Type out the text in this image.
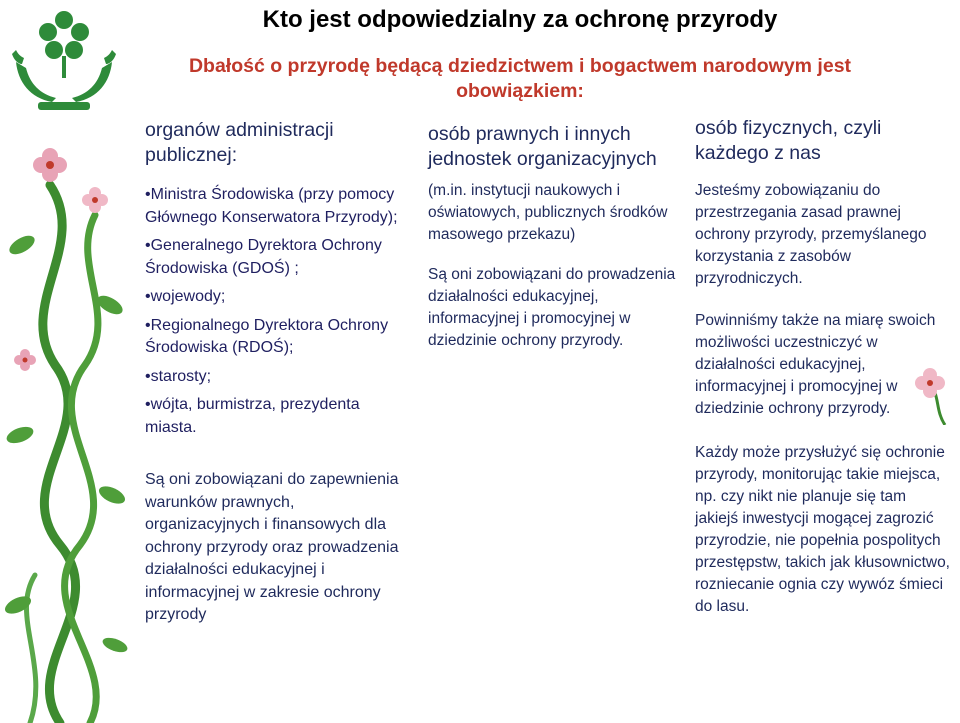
Kto jest odpowiedzialny za ochronę przyrody
Dbałość o przyrodę będącą dziedzictwem i bogactwem narodowym jest obowiązkiem:
organów administracji publicznej:
• Ministra Środowiska (przy pomocy Głównego Konserwatora Przyrody);
• Generalnego Dyrektora Ochrony Środowiska (GDOŚ) ;
• wojewody;
• Regionalnego Dyrektora Ochrony Środowiska (RDOŚ);
• starosty;
• wójta, burmistrza, prezydenta miasta.
Są oni zobowiązani do zapewnienia warunków prawnych, organizacyjnych i finansowych dla ochrony przyrody oraz prowadzenia działalności edukacyjnej i informacyjnej w zakresie ochrony przyrody
osób prawnych i innych jednostek organizacyjnych
(m.in. instytucji naukowych i oświatowych, publicznych środków masowego przekazu)
Są oni zobowiązani do prowadzenia działalności edukacyjnej, informacyjnej i promocyjnej w dziedzinie ochrony przyrody.
osób fizycznych, czyli każdego z nas
Jesteśmy zobowiązaniu do przestrzegania zasad prawnej ochrony przyrody, przemyślanego korzystania z zasobów przyrodniczych.
Powinniśmy także na miarę swoich możliwości uczestniczyć w działalności edukacyjnej, informacyjnej i promocyjnej w dziedzinie ochrony przyrody.
Każdy może przysłużyć się ochronie przyrody, monitorując takie miejsca, np. czy nikt nie planuje się tam jakiejś inwestycji mogącej zagrozić przyrodzie, nie popełnia pospolitych przestępstw, takich jak kłusownictwo, rozniecanie ognia czy wywóz śmieci do lasu.
